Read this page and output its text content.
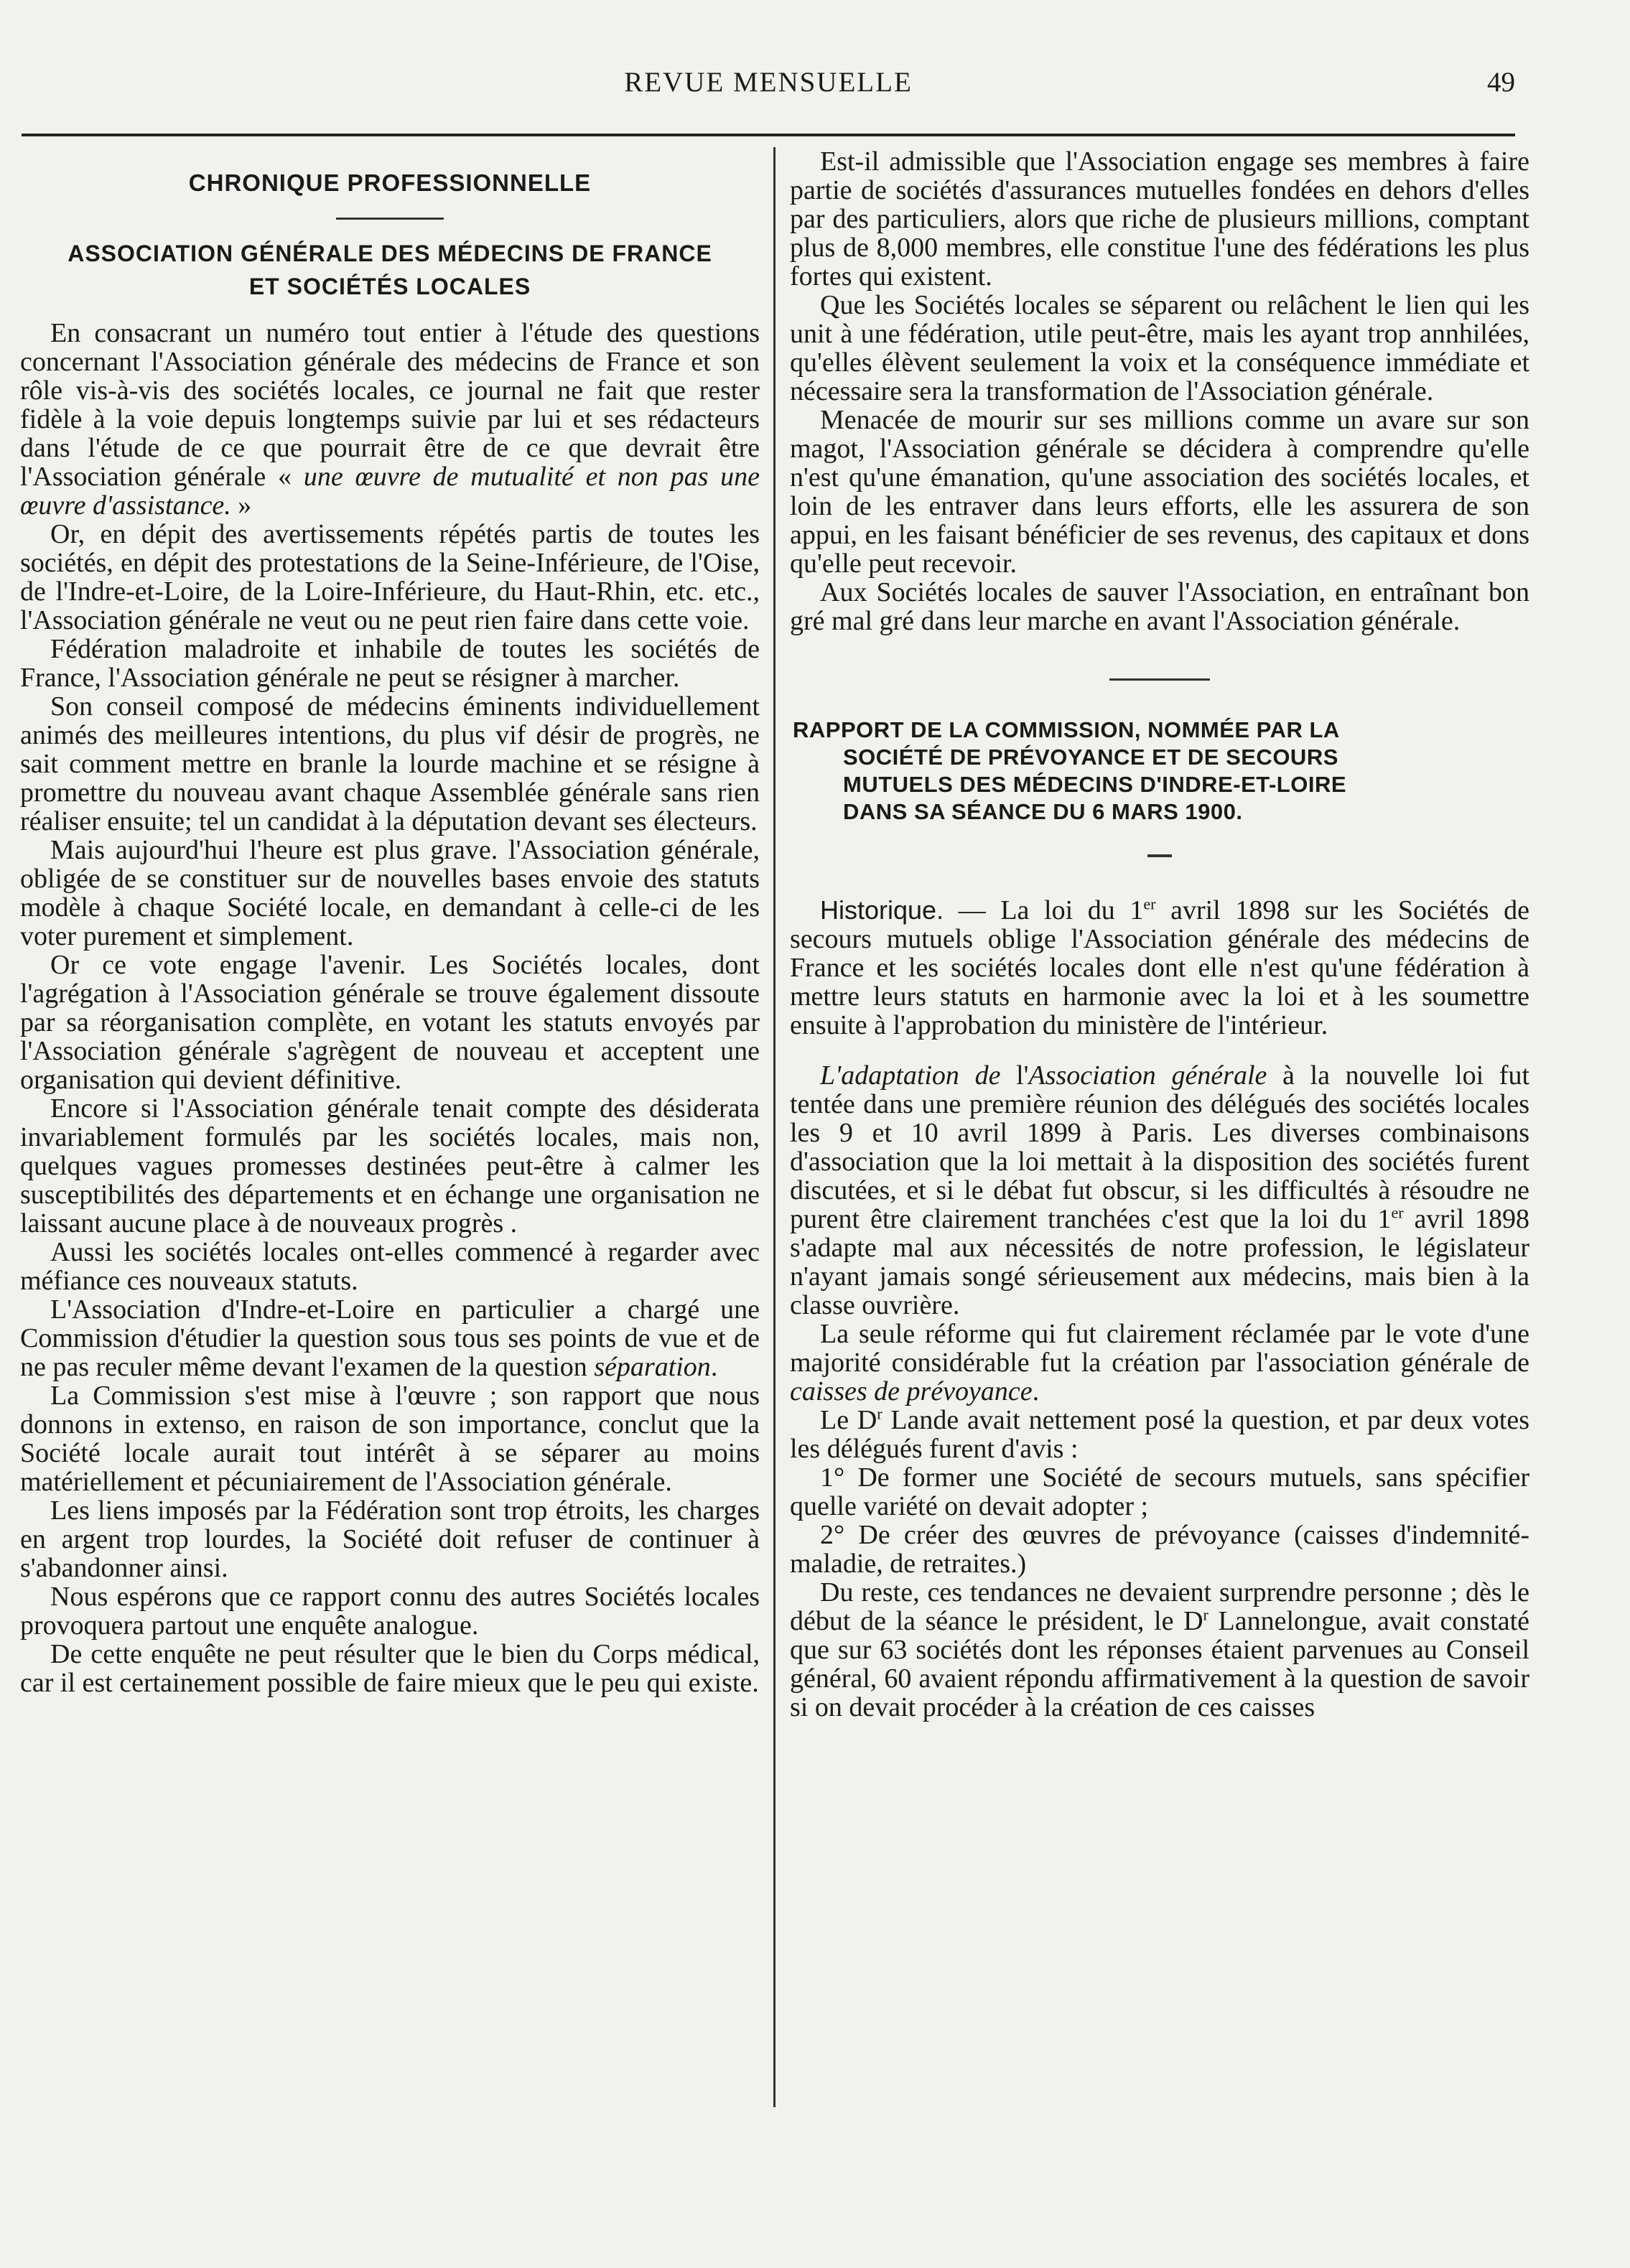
REVUE MENSUELLE	49
CHRONIQUE PROFESSIONNELLE
ASSOCIATION GÉNÉRALE DES MÉDECINS DE FRANCE
ET SOCIÉTÉS LOCALES

En consacrant un numéro tout entier à l'étude des questions concernant l'Association générale des médecins de France et son rôle vis-à-vis des sociétés locales, ce journal ne fait que rester fidèle à la voie depuis longtemps suivie par lui et ses rédacteurs dans l'étude de ce que pourrait être de ce que devrait être l'Association générale « une œuvre de mutualité et non pas une œuvre d'assistance. »

Or, en dépit des avertissements répétés partis de toutes les sociétés, en dépit des protestations de la Seine-Inférieure, de l'Oise, de l'Indre-et-Loire, de la Loire-Inférieure, du Haut-Rhin, etc. etc., l'Association générale ne veut ou ne peut rien faire dans cette voie.

Fédération maladroite et inhabile de toutes les sociétés de France, l'Association générale ne peut se résigner à marcher.

Son conseil composé de médecins éminents individuellement animés des meilleures intentions, du plus vif désir de progrès, ne sait comment mettre en branle la lourde machine et se résigne à promettre du nouveau avant chaque Assemblée générale sans rien réaliser ensuite; tel un candidat à la députation devant ses électeurs.

Mais aujourd'hui l'heure est plus grave. l'Association générale, obligée de se constituer sur de nouvelles bases envoie des statuts modèle à chaque Société locale, en demandant à celle-ci de les voter purement et simplement.

Or ce vote engage l'avenir. Les Sociétés locales, dont l'agrégation à l'Association générale se trouve également dissoute par sa réorganisation complète, en votant les statuts envoyés par l'Association générale s'agrègent de nouveau et acceptent une organisation qui devient définitive.

Encore si l'Association générale tenait compte des désiderata invariablement formulés par les sociétés locales, mais non, quelques vagues promesses destinées peut-être à calmer les susceptibilités des départements et en échange une organisation ne laissant aucune place à de nouveaux progrès .

Aussi les sociétés locales ont-elles commencé à regarder avec méfiance ces nouveaux statuts.

L'Association d'Indre-et-Loire en particulier a chargé une Commission d'étudier la question sous tous ses points de vue et de ne pas reculer même devant l'examen de la question séparation.

La Commission s'est mise à l'œuvre ; son rapport que nous donnons in extenso, en raison de son importance, conclut que la Société locale aurait tout intérêt à se séparer au moins matériellement et pécuniairement de l'Association générale.

Les liens imposés par la Fédération sont trop étroits, les charges en argent trop lourdes, la Société doit refuser de continuer à s'abandonner ainsi.

Nous espérons que ce rapport connu des autres Sociétés locales provoquera partout une enquête analogue.

De cette enquête ne peut résulter que le bien du Corps médical, car il est certainement possible de faire mieux que le peu qui existe.

Est-il admissible que l'Association engage ses membres à faire partie de sociétés d'assurances mutuelles fondées en dehors d'elles par des particuliers, alors que riche de plusieurs millions, comptant plus de 8,000 membres, elle constitue l'une des fédérations les plus fortes qui existent.

Que les Sociétés locales se séparent ou relâchent le lien qui les unit à une fédération, utile peut-être, mais les ayant trop annhilées, qu'elles élèvent seulement la voix et la conséquence immédiate et nécessaire sera la transformation de l'Association générale.

Menacée de mourir sur ses millions comme un avare sur son magot, l'Association générale se décidera à comprendre qu'elle n'est qu'une émanation, qu'une association des sociétés locales, et loin de les entraver dans leurs efforts, elle les assurera de son appui, en les faisant bénéficier de ses revenus, des capitaux et dons qu'elle peut recevoir.

Aux Sociétés locales de sauver l'Association, en entraînant bon gré mal gré dans leur marche en avant l'Association générale.

RAPPORT DE LA COMMISSION, NOMMÉE PAR LA
SOCIÉTÉ DE PRÉVOYANCE ET DE SECOURS
MUTUELS DES MÉDECINS D'INDRE-ET-LOIRE
DANS SA SÉANCE DU 6 MARS 1900.

Historique. — La loi du 1er avril 1898 sur les Sociétés de secours mutuels oblige l'Association générale des médecins de France et les sociétés locales dont elle n'est qu'une fédération à mettre leurs statuts en harmonie avec la loi et à les soumettre ensuite à l'approbation du ministère de l'intérieur.

L'adaptation de l'Association générale à la nouvelle loi fut tentée dans une première réunion des délégués des sociétés locales les 9 et 10 avril 1899 à Paris. Les diverses combinaisons d'association que la loi mettait à la disposition des sociétés furent discutées, et si le débat fut obscur, si les difficultés à résoudre ne purent être clairement tranchées c'est que la loi du 1er avril 1898 s'adapte mal aux nécessités de notre profession, le législateur n'ayant jamais songé sérieusement aux médecins, mais bien à la classe ouvrière.

La seule réforme qui fut clairement réclamée par le vote d'une majorité considérable fut la création par l'association générale de caisses de prévoyance.

Le $D^r$ Lande avait nettement posé la question, et par deux votes les délégués furent d'avis :

1° De former une Société de secours mutuels, sans spécifier quelle variété on devait adopter ;

2° De créer des œuvres de prévoyance (caisses d'indemnité-maladie, de retraites.)

Du reste, ces tendances ne devaient surprendre personne ; dès le début de la séance le président, le $D^r$ Lannelongue, avait constaté que sur 63 sociétés dont les réponses étaient parvenues au Conseil général, 60 avaient répondu affirmativement à la question de savoir si on devait procéder à la création de ces caisses
